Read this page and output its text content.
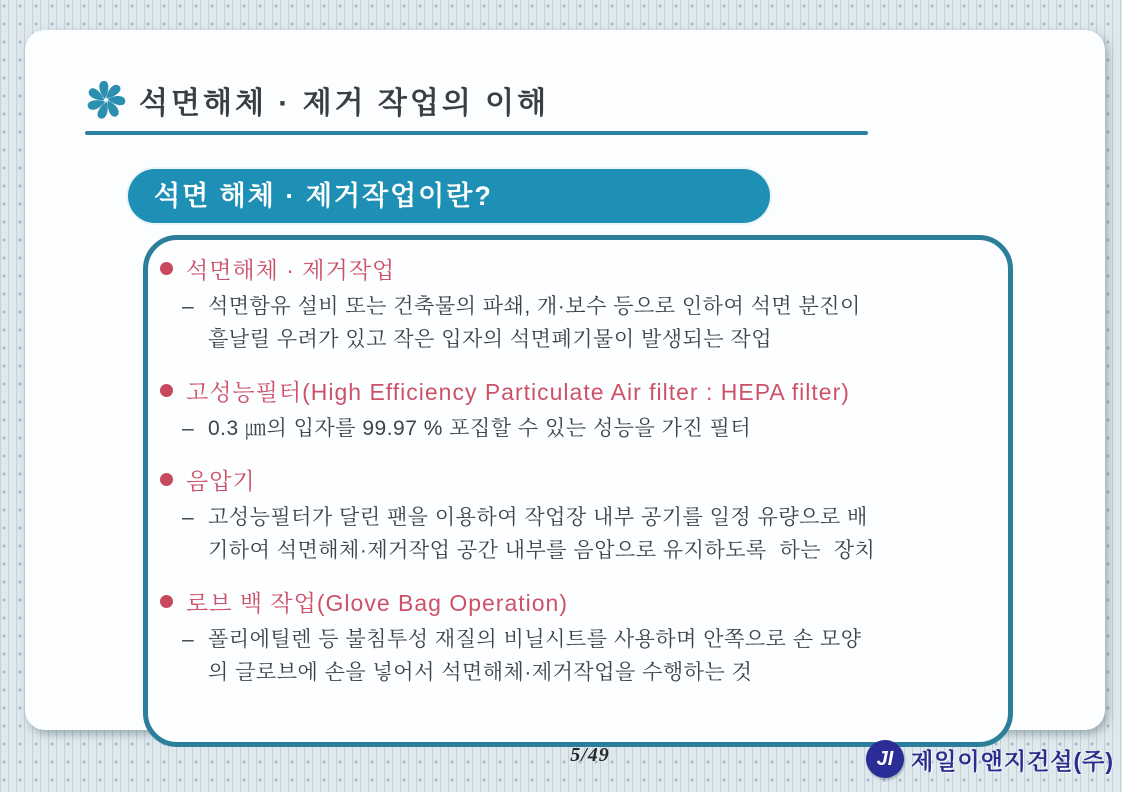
석면해체 · 제거 작업의 이해
석면 해체 · 제거작업이란?
석면해체 · 제거작업
– 석면함유 설비 또는 건축물의 파쇄, 개·보수 등으로 인하여 석면 분진이
흩날릴 우려가 있고 작은 입자의 석면폐기물이 발생되는 작업
고성능필터(High Efficiency Particulate Air filter : HEPA filter)
– 0.3 ㎛의 입자를 99.97 % 포집할 수 있는 성능을 가진 필터
음압기
– 고성능필터가 달린 팬을 이용하여 작업장 내부 공기를 일정 유량으로 배
기하여 석면해체·제거작업 공간 내부를 음압으로 유지하도록  하는  장치
로브 백 작업(Glove Bag Operation)
– 폴리에틸렌 등 불침투성 재질의 비닐시트를 사용하며 안쪽으로 손 모양
의 글로브에 손을 넣어서 석면해체·제거작업을 수행하는 것
5/49	JI 제일이앤지건설(주)
